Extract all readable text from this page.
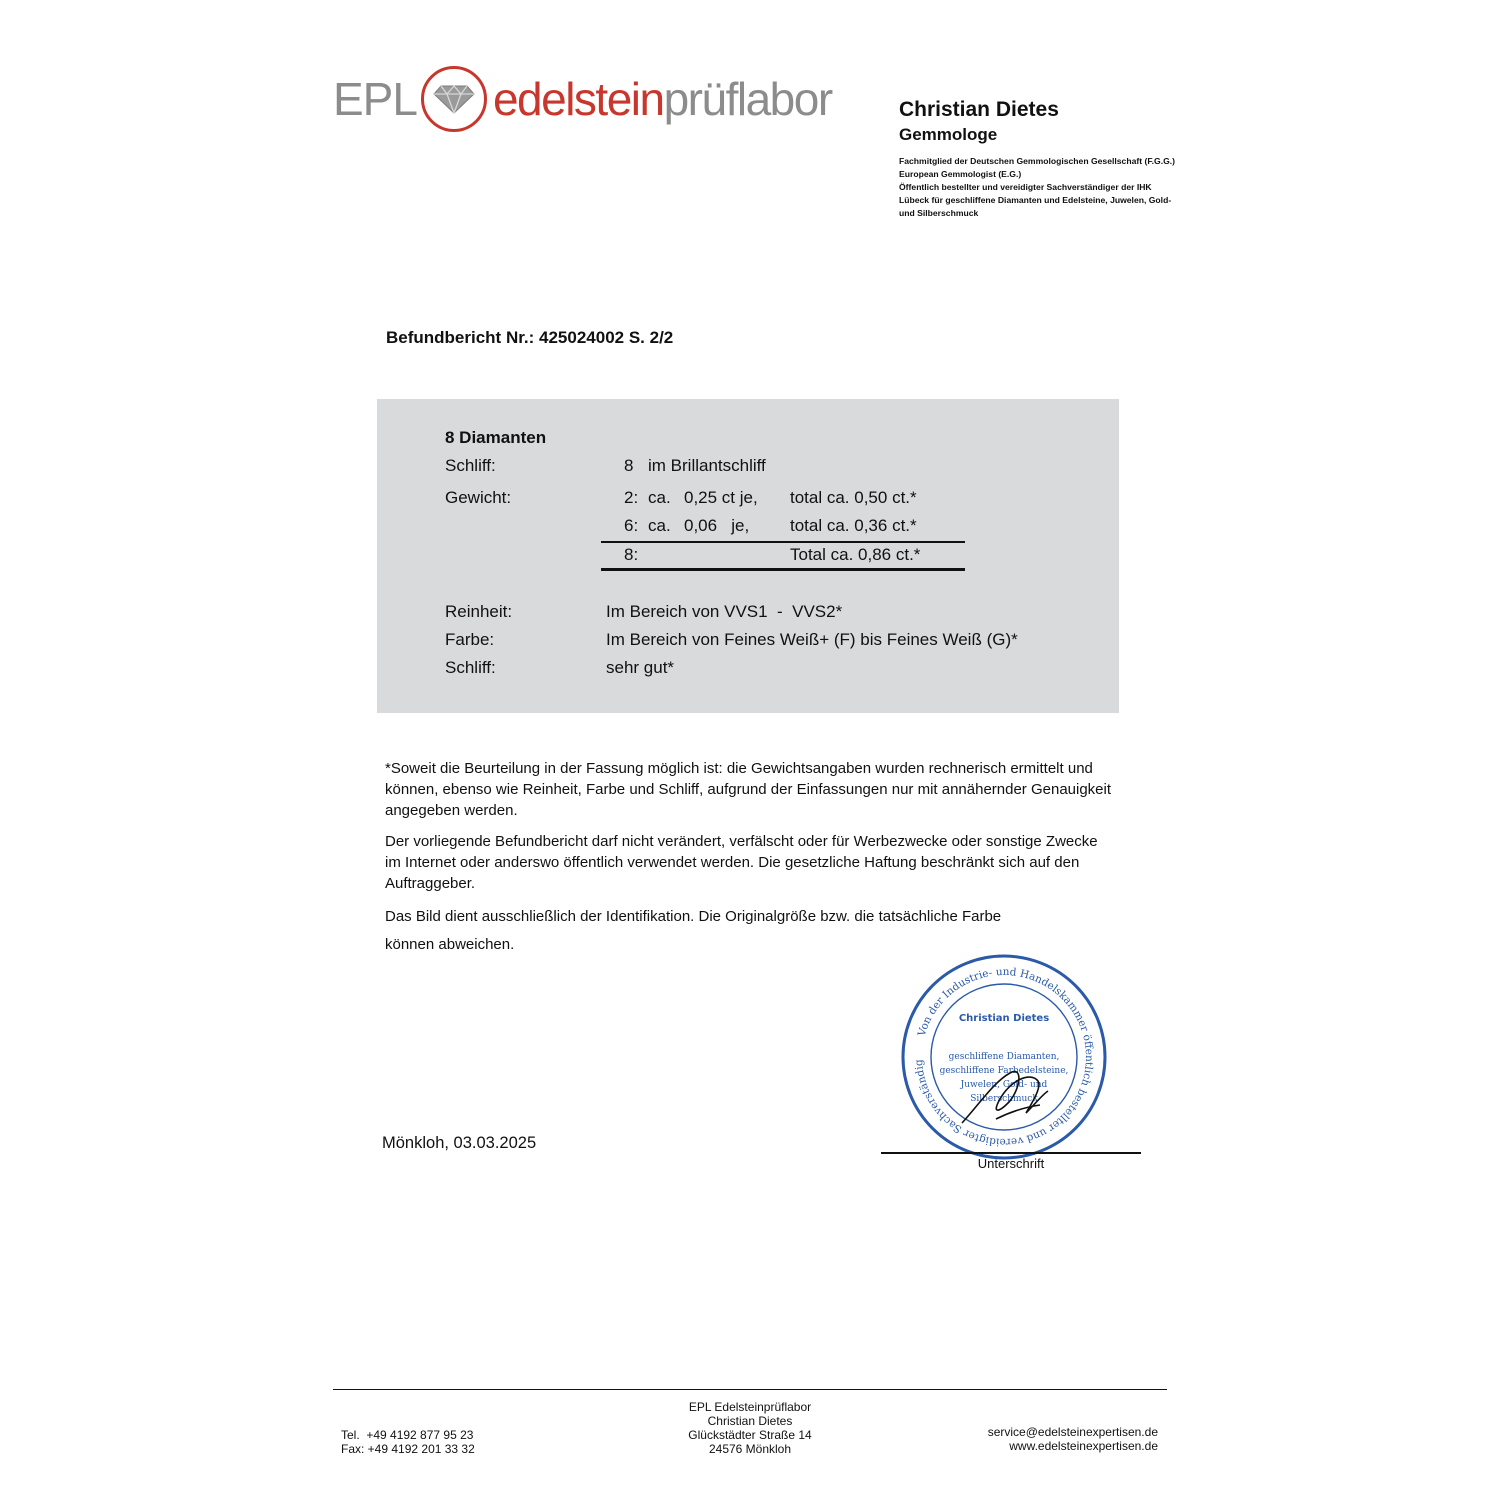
EPL edelsteinprüflabor	Christian Dietes
Gemmologe
Fachmitglied der Deutschen Gemmologischen Gesellschaft (F.G.G.)
European Gemmologist (E.G.)
Öffentlich bestellter und vereidigter Sachverständiger der IHK
Lübeck für geschliffene Diamanten und Edelsteine, Juwelen, Gold-
und Silberschmuck
Befundbericht Nr.: 425024002 S. 2/2
8 Diamanten
Schliff:	8 im Brillantschliff
Gewicht:	2: ca. 0,25 ct je, total ca. 0,50 ct.*
6: ca. 0,06   je, total ca. 0,36 ct.*
8:	Total ca. 0,86 ct.*
Reinheit:	Im Bereich von VVS1  -  VVS2*
Farbe:	Im Bereich von Feines Weiß+ (F) bis Feines Weiß (G)*
Schliff:	sehr gut*
*Soweit die Beurteilung in der Fassung möglich ist: die Gewichtsangaben wurden rechnerisch ermittelt und können, ebenso wie Reinheit, Farbe und Schliff, aufgrund der Einfassungen nur mit annähernder Genauigkeit angegeben werden.
Der vorliegende Befundbericht darf nicht verändert, verfälscht oder für Werbezwecke oder sonstige Zwecke im Internet oder anderswo öffentlich verwendet werden. Die gesetzliche Haftung beschränkt sich auf den Auftraggeber.
Das Bild dient ausschließlich der Identifikation. Die Originalgröße bzw. die tatsächliche Farbe
können abweichen.
Von der Industrie- und Handelskammer öffentlich bestellter und vereidigter Sachverständig
Christian Dietes
geschliffene Diamanten,
geschliffene Farbedelsteine,
Juwelen, Gold- und
Silberschmuck
Mönkloh, 03.03.2025
Unterschrift
Tel.  +49 4192 877 95 23
Fax: +49 4192 201 33 32
EPL Edelsteinprüflabor
Christian Dietes
Glückstädter Straße 14
24576 Mönkloh
service@edelsteinexpertisen.de
www.edelsteinexpertisen.de
